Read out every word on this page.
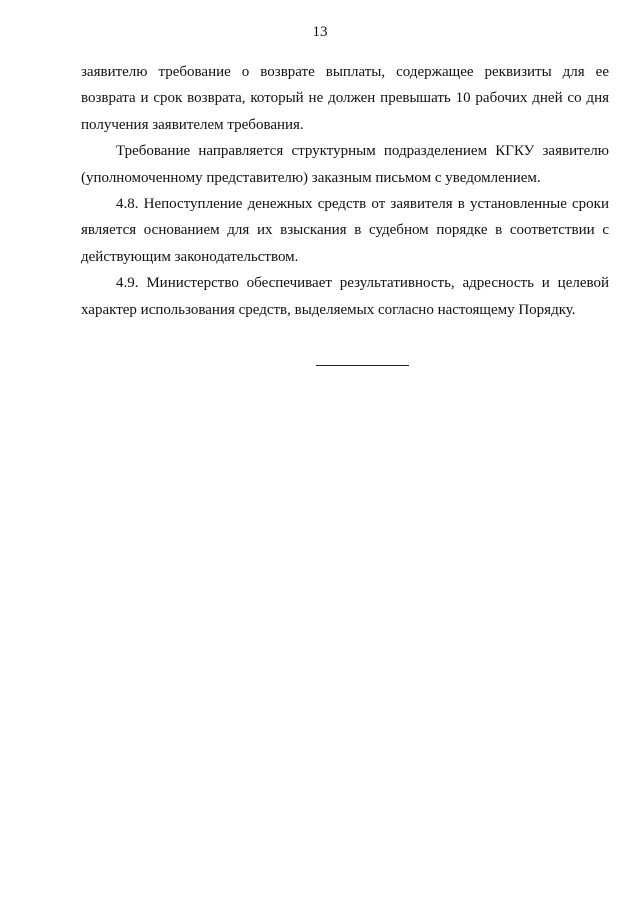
13

заявителю требование о возврате выплаты, содержащее реквизиты для ее возврата и срок возврата, который не должен превышать 10 рабочих дней со дня получения заявителем требования.

Требование направляется структурным подразделением КГКУ заявителю (уполномоченному представителю) заказным письмом с уведомлением.

4.8. Непоступление денежных средств от заявителя в установленные сроки является основанием для их взыскания в судебном порядке в соответствии с действующим законодательством.

4.9. Министерство обеспечивает результативность, адресность и целевой характер использования средств, выделяемых согласно настоящему Порядку.
